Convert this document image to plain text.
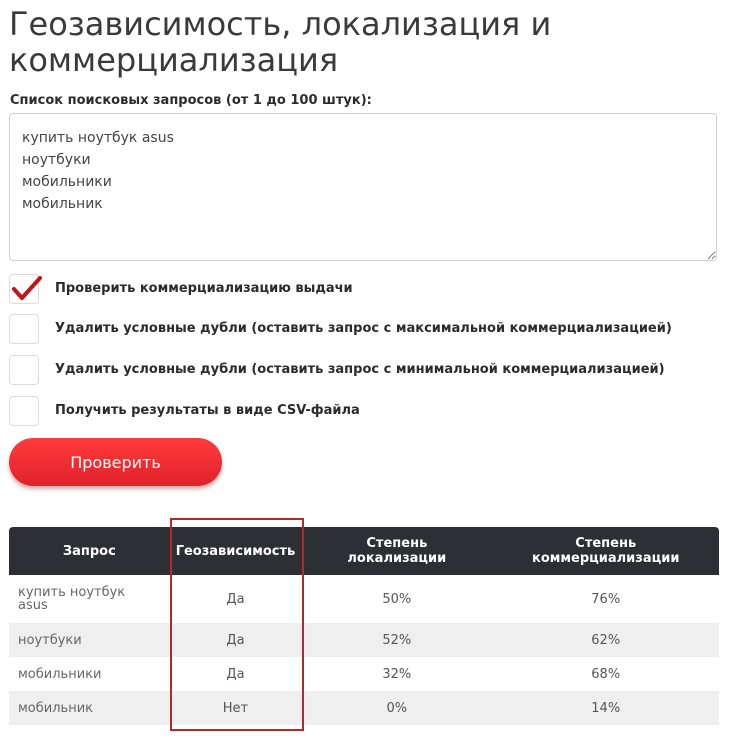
Геозависимость, локализация и коммерциализация
Список поисковых запросов (от 1 до 100 штук):
купить ноутбук asus ноутбуки мобильники мобильник
Проверить коммерциализацию выдачи
Удалить условные дубли (оставить запрос с максимальной коммерциализацией)
Удалить условные дубли (оставить запрос с минимальной коммерциализацией)
Получить результаты в виде CSV-файла
Проверить
Запрос	Геозависимость	Степень локализации	Степень коммерциализации
купить ноутбук asus	Да	50%	76%
ноутбуки	Да	52%	62%
мобильники	Да	32%	68%
мобильник	Нет	0%	14%
